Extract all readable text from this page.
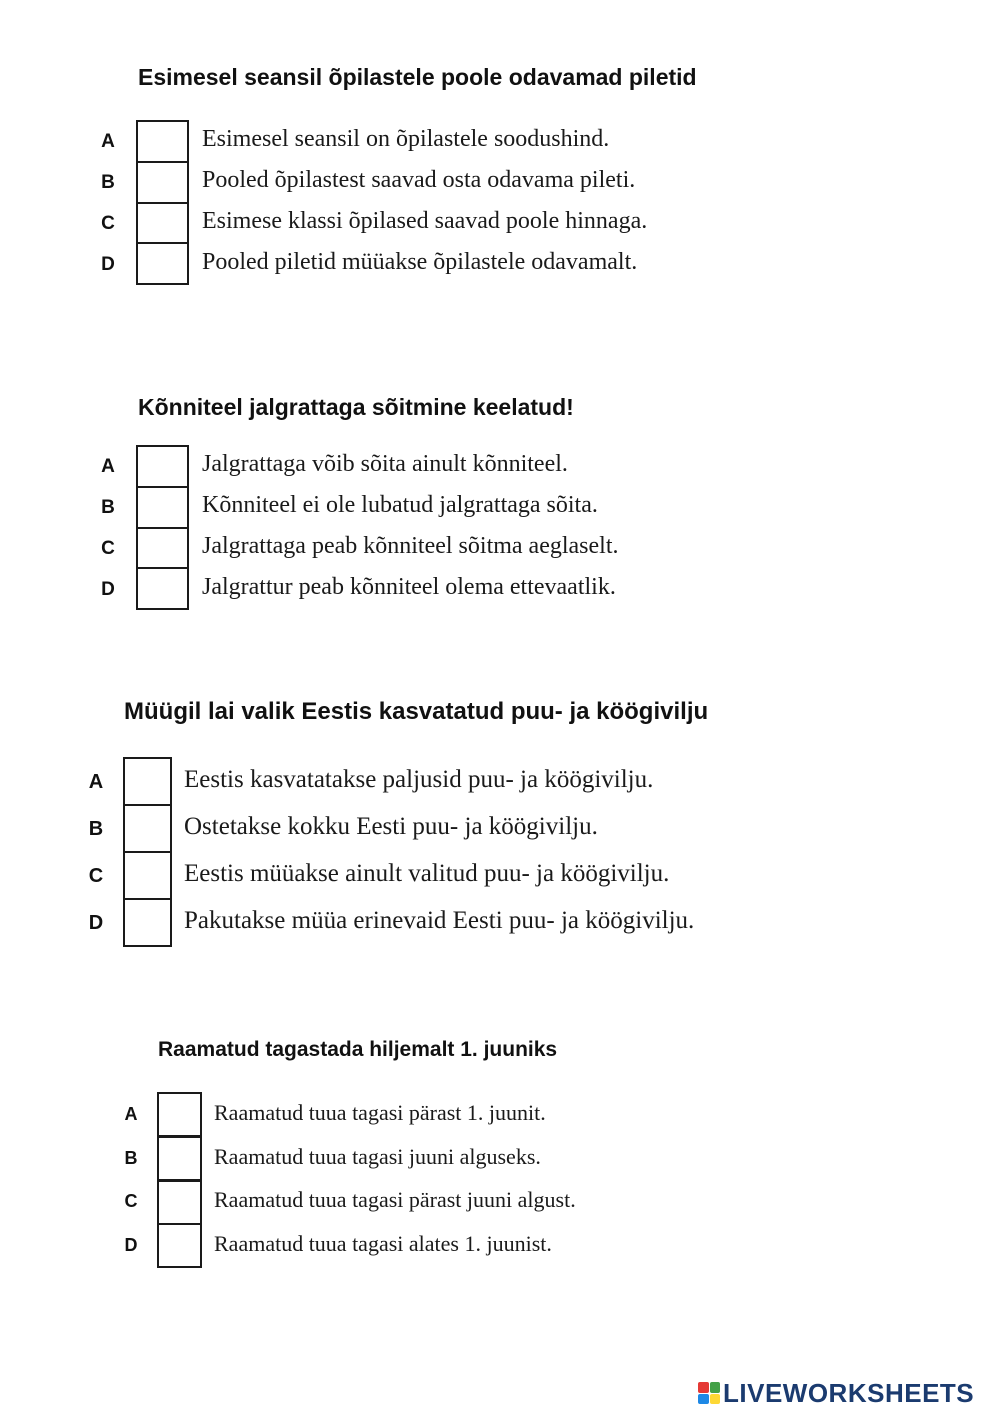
Esimesel seansil õpilastele poole odavamad piletid
A	Esimesel seansil on õpilastele soodushind.
B	Pooled õpilastest saavad osta odavama pileti.
C	Esimese klassi õpilased saavad poole hinnaga.
D	Pooled piletid müüakse õpilastele odavamalt.
Kõnniteel jalgrattaga sõitmine keelatud!
A	Jalgrattaga võib sõita ainult kõnniteel.
B	Kõnniteel ei ole lubatud jalgrattaga sõita.
C	Jalgrattaga peab kõnniteel sõitma aeglaselt.
D	Jalgrattur peab kõnniteel olema ettevaatlik.
Müügil lai valik Eestis kasvatatud puu- ja köögivilju
A	Eestis kasvatatakse paljusid puu- ja köögivilju.
B	Ostetakse kokku Eesti puu- ja köögivilju.
C	Eestis müüakse ainult valitud puu- ja köögivilju.
D	Pakutakse müüa erinevaid Eesti puu- ja köögivilju.
Raamatud tagastada hiljemalt 1. juuniks
A	Raamatud tuua tagasi pärast 1. juunit.
B	Raamatud tuua tagasi juuni alguseks.
C	Raamatud tuua tagasi pärast juuni algust.
D	Raamatud tuua tagasi alates 1. juunist.
LIVEWORKSHEETS
